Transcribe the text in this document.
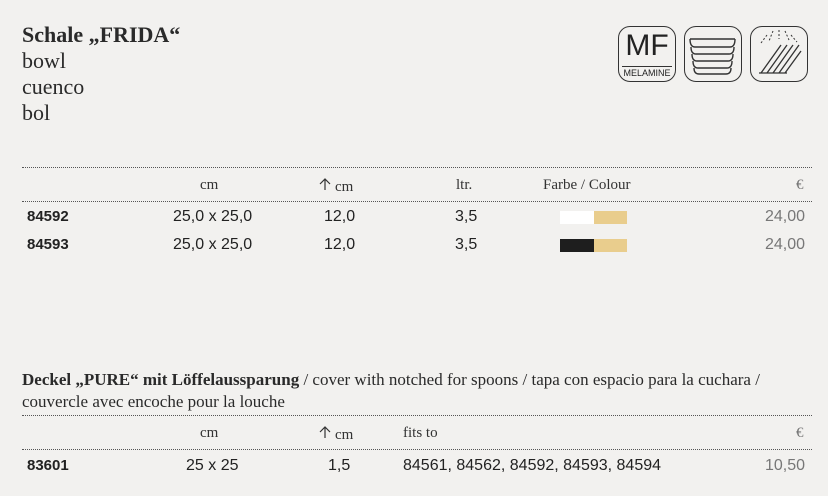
Schale „FRIDA“
bowl
cuenco
bol
MF
MELAMINE
cm	cm	ltr.	Farbe / Colour	€
84592	25,0 x 25,0	12,0	3,5	24,00
84593	25,0 x 25,0	12,0	3,5	24,00
Deckel „PURE“ mit Löffelaussparung / cover with notched for spoons / tapa con espacio para la cuchara / couvercle avec encoche pour la louche
cm	cm	fits to	€
83601	25 x 25	1,5	84561, 84562, 84592, 84593, 84594	10,50
